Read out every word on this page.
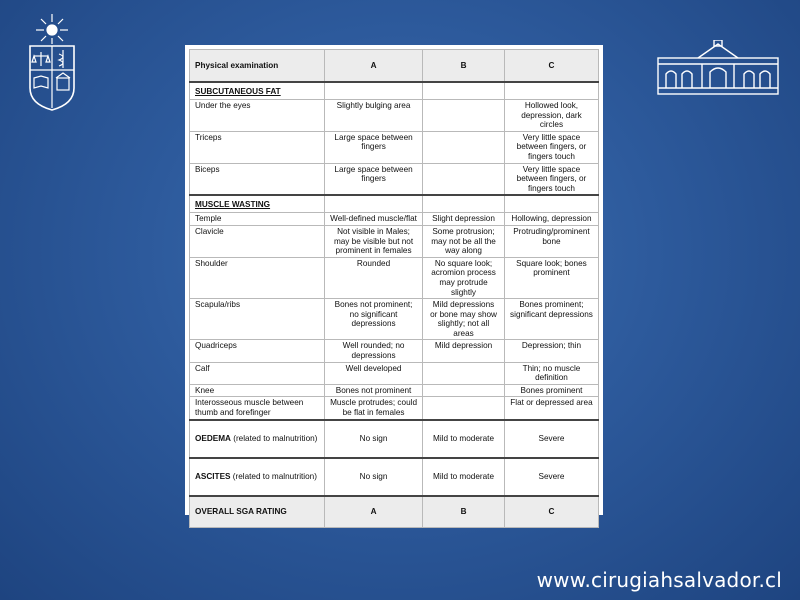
Physical examination	A	B	C

SUBCUTANEOUS FAT			

Under the eyes	Slightly bulging area		Hollowed look, depression, dark circles
Triceps	Large space between fingers		Very little space between fingers, or fingers touch
Biceps	Large space between fingers		Very little space between fingers, or fingers touch

MUSCLE WASTING			

Temple	Well-defined muscle/flat	Slight depression	Hollowing, depression
Clavicle	Not visible in Males; may be visible but not prominent in females	Some protrusion; may not be all the way along	Protruding/prominent bone
Shoulder	Rounded	No square look; acromion process may protrude slightly	Square look; bones prominent
Scapula/ribs	Bones not prominent; no significant depressions	Mild depressions or bone may show slightly; not all areas	Bones prominent; significant depressions
Quadriceps	Well rounded; no depressions	Mild depression	Depression; thin
Calf	Well developed		Thin; no muscle definition
Knee	Bones not prominent		Bones prominent
Interosseous muscle between thumb and forefinger	Muscle protrudes; could be flat in females		Flat or depressed area
OEDEMA (related to malnutrition)	No sign	Mild to moderate	Severe
ASCITES (related to malnutrition)	No sign	Mild to moderate	Severe
OVERALL SGA RATING	A	B	C
www.cirugiahsalvador.cl
